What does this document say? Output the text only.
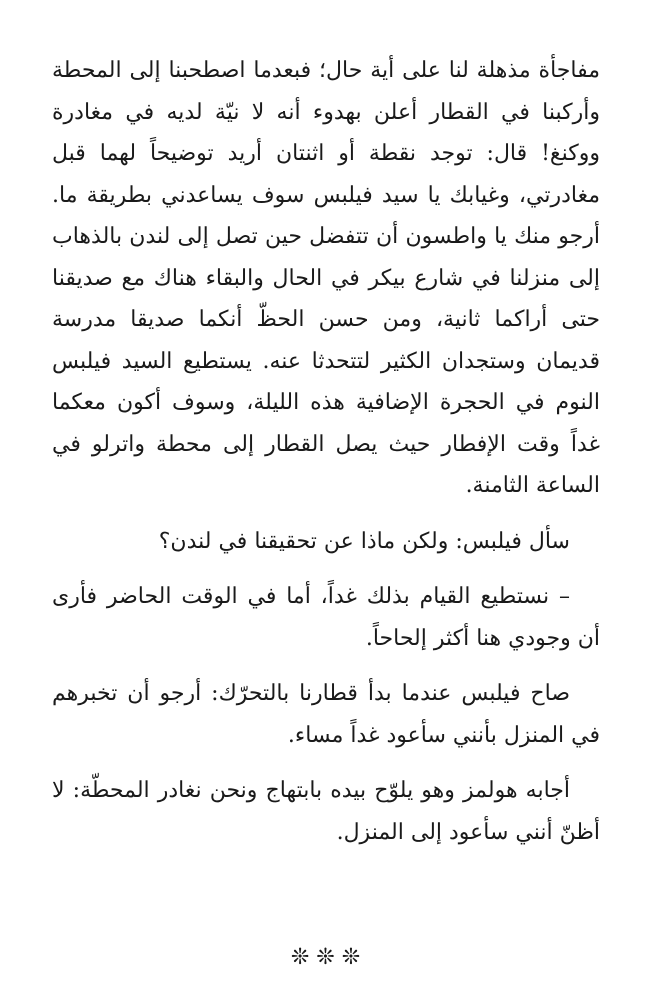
مفاجأة مذهلة لنا على أية حال؛ فبعدما اصطحبنا إلى المحطة وأركبنا في القطار أعلن بهدوء أنه لا نيّة لديه في مغادرة ووكنغ! قال: توجد نقطة أو اثنتان أريد توضيحاً لهما قبل مغادرتي، وغيابك يا سيد فيلبس سوف يساعدني بطريقة ما. أرجو منك يا واطسون أن تتفضل حين تصل إلى لندن بالذهاب إلى منزلنا في شارع بيكر في الحال والبقاء هناك مع صديقنا حتى أراكما ثانية، ومن حسن الحظّ أنكما صديقا مدرسة قديمان وستجدان الكثير لتتحدثا عنه. يستطيع السيد فيلبس النوم في الحجرة الإضافية هذه الليلة، وسوف أكون معكما غداً وقت الإفطار حيث يصل القطار إلى محطة واترلو في الساعة الثامنة.

سأل فيلبس: ولكن ماذا عن تحقيقنا في لندن؟

– نستطيع القيام بذلك غداً، أما في الوقت الحاضر فأرى أن وجودي هنا أكثر إلحاحاً.

صاح فيلبس عندما بدأ قطارنا بالتحرّك: أرجو أن تخبرهم في المنزل بأنني سأعود غداً مساء.

أجابه هولمز وهو يلوّح بيده بابتهاج ونحن نغادر المحطّة: لا أظنّ أنني سأعود إلى المنزل.

❊ ❊ ❊
